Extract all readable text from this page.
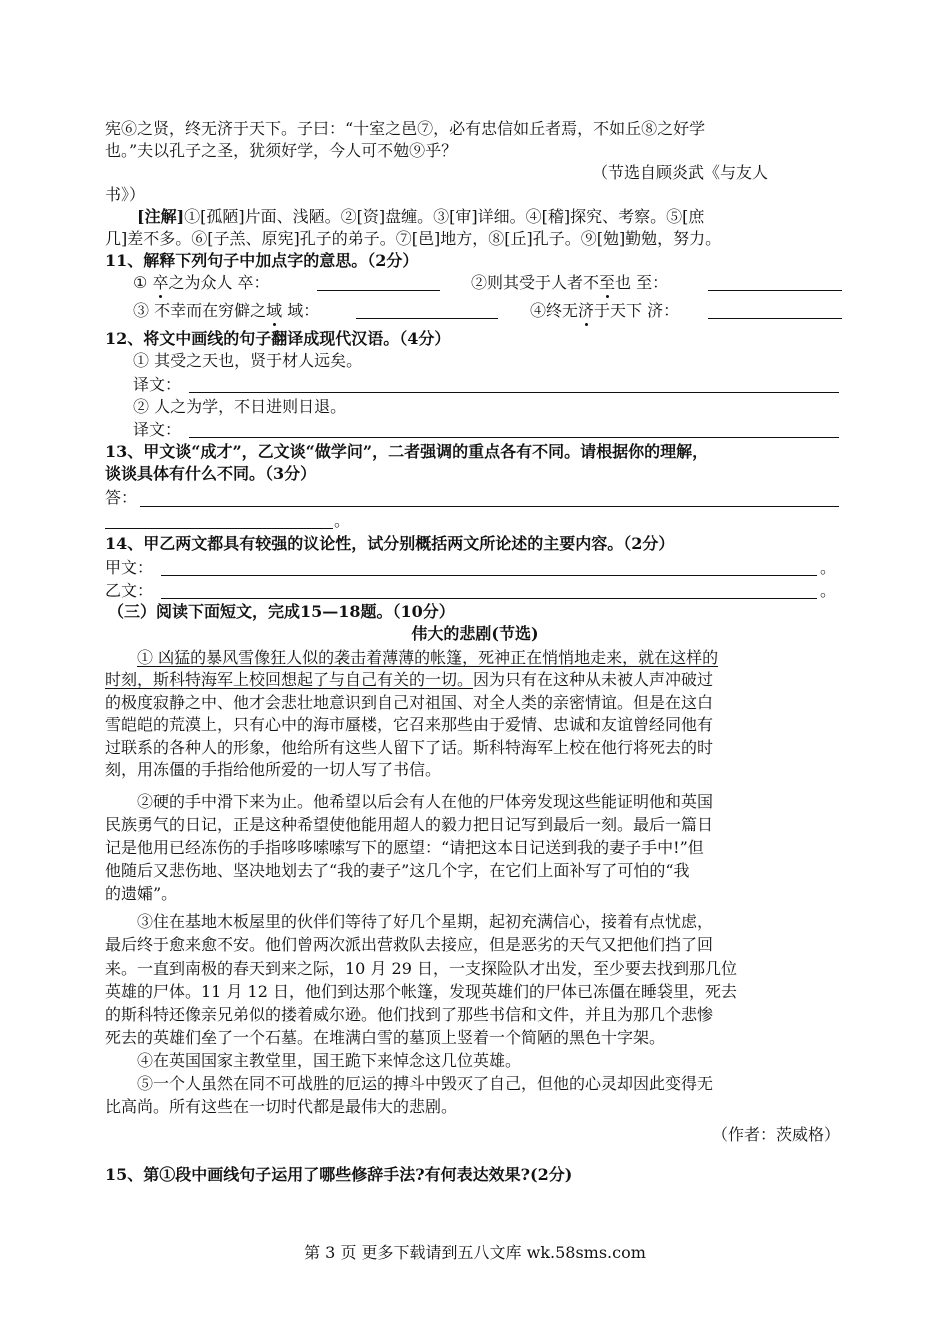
宪⑥之贤，终无济于天下。子曰：“十室之邑⑦，必有忠信如丘者焉，不如丘⑧之好学
也。”夫以孔子之圣，犹须好学，今人可不勉⑨乎？
（节选自顾炎武《与友人
书》）
[注解]①[孤陋]片面、浅陋。②[资]盘缠。③[审]详细。④[稽]探究、考察。⑤[庶
几]差不多。⑥[子羔、原宪]孔子的弟子。⑦[邑]地方，⑧[丘]孔子。⑨[勉]勤勉，努力。
11、解释下列句子中加点字的意思。（2分）
① 卒之为众人 卒：	②则其受于人者不至也 至：
③ 不幸而在穷僻之域 域：	④终无济于天下 济：
12、将文中画线的句子翻译成现代汉语。（4分）
① 其受之天也，贤于材人远矣。
译文：
② 人之为学，不日进则日退。
译文：
13、甲文谈“成才”，乙文谈“做学问”，二者强调的重点各有不同。请根据你的理解，
谈谈具体有什么不同。（3分）
答：
。
14、甲乙两文都具有较强的议论性，试分别概括两文所论述的主要内容。（2分）
甲文：	。
乙文：	。
（三）阅读下面短文，完成15—18题。（10分）
伟大的悲剧(节选)
① 凶猛的暴风雪像狂人似的袭击着薄薄的帐篷，死神正在悄悄地走来，就在这样的
时刻，斯科特海军上校回想起了与自己有关的一切。因为只有在这种从未被人声冲破过
的极度寂静之中、他才会悲壮地意识到自己对祖国、对全人类的亲密情谊。但是在这白
雪皑皑的荒漠上，只有心中的海市蜃楼，它召来那些由于爱情、忠诚和友谊曾经同他有
过联系的各种人的形象，他给所有这些人留下了话。斯科特海军上校在他行将死去的时
刻，用冻僵的手指给他所爱的一切人写了书信。
②硬的手中滑下来为止。他希望以后会有人在他的尸体旁发现这些能证明他和英国
民族勇气的日记，正是这种希望使他能用超人的毅力把日记写到最后一刻。最后一篇日
记是他用已经冻伤的手指哆哆嗦嗦写下的愿望：“请把这本日记送到我的妻子手中!”但
他随后又悲伤地、坚决地划去了“我的妻子”这几个字，在它们上面补写了可怕的“我
的遗孀”。
③住在基地木板屋里的伙伴们等待了好几个星期，起初充满信心，接着有点忧虑，
最后终于愈来愈不安。他们曾两次派出营救队去接应，但是恶劣的天气又把他们挡了回
来。一直到南极的春天到来之际，10 月 29 日，一支探险队才出发，至少要去找到那几位
英雄的尸体。11 月 12 日，他们到达那个帐篷，发现英雄们的尸体已冻僵在睡袋里，死去
的斯科特还像亲兄弟似的搂着威尔逊。他们找到了那些书信和文件，并且为那几个悲惨
死去的英雄们垒了一个石墓。在堆满白雪的墓顶上竖着一个简陋的黑色十字架。
④在英国国家主教堂里，国王跪下来悼念这几位英雄。
⑤一个人虽然在同不可战胜的厄运的搏斗中毁灭了自己，但他的心灵却因此变得无
比高尚。所有这些在一切时代都是最伟大的悲剧。
（作者：茨威格）
15、第①段中画线句子运用了哪些修辞手法?有何表达效果?(2分)
第 3 页 更多下载请到五八文库 wk.58sms.com
